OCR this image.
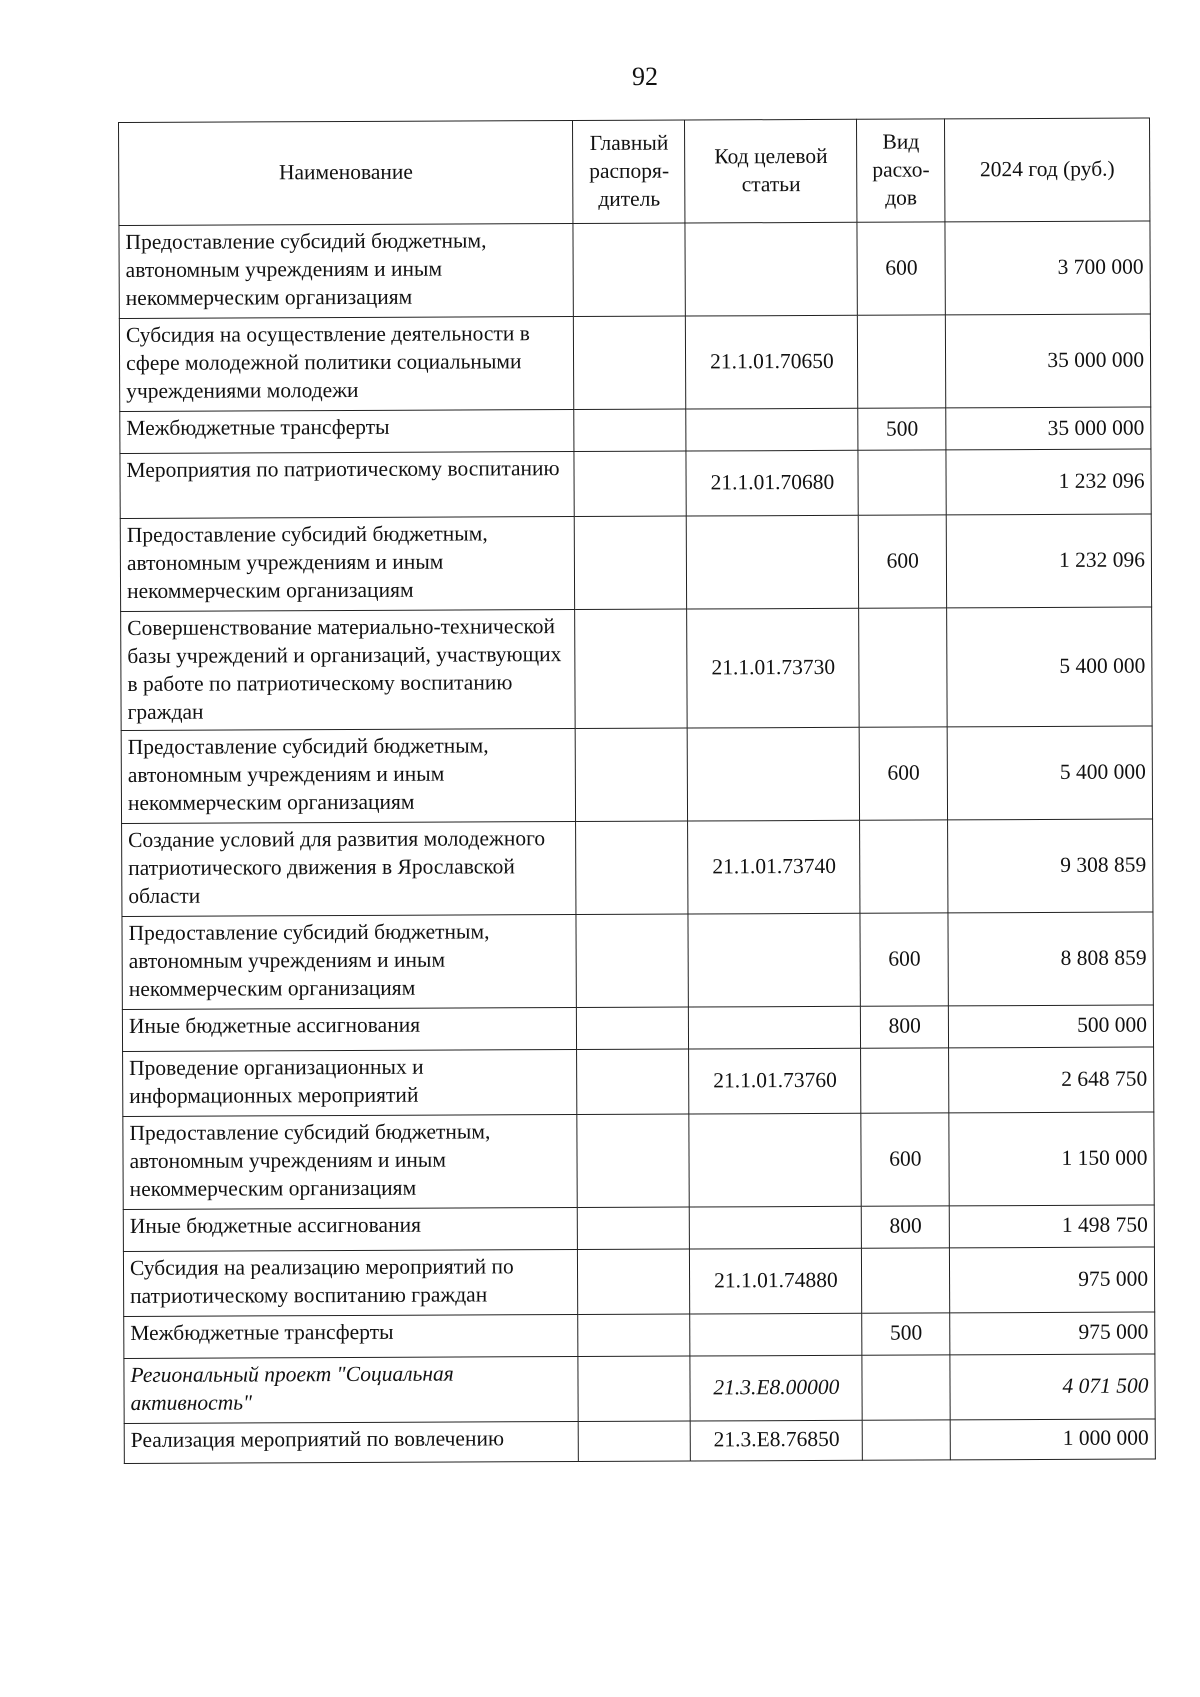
92
Наименование	Главный распоря-дитель	Код целевой статьи	Вид расхо-дов	2024 год (руб.)
Предоставление субсидий бюджетным, автономным учреждениям и иным некоммерческим организациям			600	3 700 000
Субсидия на осуществление деятельности в сфере молодежной политики социальными учреждениями молодежи		21.1.01.70650		35 000 000
Межбюджетные трансферты			500	35 000 000
Мероприятия по патриотическому воспитанию		21.1.01.70680		1 232 096
Предоставление субсидий бюджетным, автономным учреждениям и иным некоммерческим организациям			600	1 232 096
Совершенствование материально-технической базы учреждений и организаций, участвующих в работе по патриотическому воспитанию граждан		21.1.01.73730		5 400 000
Предоставление субсидий бюджетным, автономным учреждениям и иным некоммерческим организациям			600	5 400 000
Создание условий для развития молодежного патриотического движения в Ярославской области		21.1.01.73740		9 308 859
Предоставление субсидий бюджетным, автономным учреждениям и иным некоммерческим организациям			600	8 808 859
Иные бюджетные ассигнования			800	500 000
Проведение организационных и информационных мероприятий		21.1.01.73760		2 648 750
Предоставление субсидий бюджетным, автономным учреждениям и иным некоммерческим организациям			600	1 150 000
Иные бюджетные ассигнования			800	1 498 750
Субсидия на реализацию мероприятий по патриотическому воспитанию граждан		21.1.01.74880		975 000
Межбюджетные трансферты			500	975 000
Региональный проект "Социальная активность"		21.3.Е8.00000		4 071 500
Реализация мероприятий по вовлечению		21.3.Е8.76850		1 000 000
